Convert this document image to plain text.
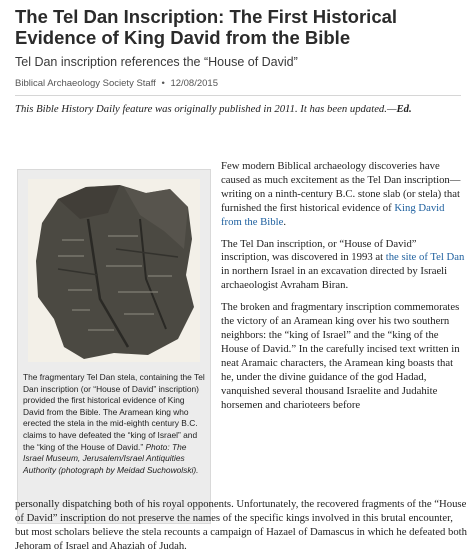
The Tel Dan Inscription: The First Historical Evidence of King David from the Bible
Tel Dan inscription references the “House of David”
Biblical Archaeology Society Staff • 12/08/2015
This Bible History Daily feature was originally published in 2011. It has been updated.—Ed.
The fragmentary Tel Dan stela, containing the Tel Dan inscription (or “House of David” inscription) provided the first historical evidence of King David from the Bible. The Aramean king who erected the stela in the mid-eighth century B.C. claims to have defeated the “king of Israel” and the “king of the House of David.” Photo: The Israel Museum, Jerusalem/Israel Antiquities Authority (photograph by Meidad Suchowolski).

Few modern Biblical archaeology discoveries have caused as much excitement as the Tel Dan inscription—writing on a ninth-century B.C. stone slab (or stela) that furnished the first historical evidence of King David from the Bible.

The Tel Dan inscription, or “House of David” inscription, was discovered in 1993 at the site of Tel Dan in northern Israel in an excavation directed by Israeli archaeologist Avraham Biran.

The broken and fragmentary inscription commemorates the victory of an Aramean king over his two southern neighbors: the “king of Israel” and the “king of the House of David.” In the carefully incised text written in neat Aramaic characters, the Aramean king boasts that he, under the divine guidance of the god Hadad, vanquished several thousand Israelite and Judahite horsemen and charioteers before

personally dispatching both of his royal opponents. Unfortunately, the recovered fragments of the “House of David” inscription do not preserve the names of the specific kings involved in this brutal encounter, but most scholars believe the stela recounts a campaign of Hazael of Damascus in which he defeated both Jehoram of Israel and Ahaziah of Judah.
